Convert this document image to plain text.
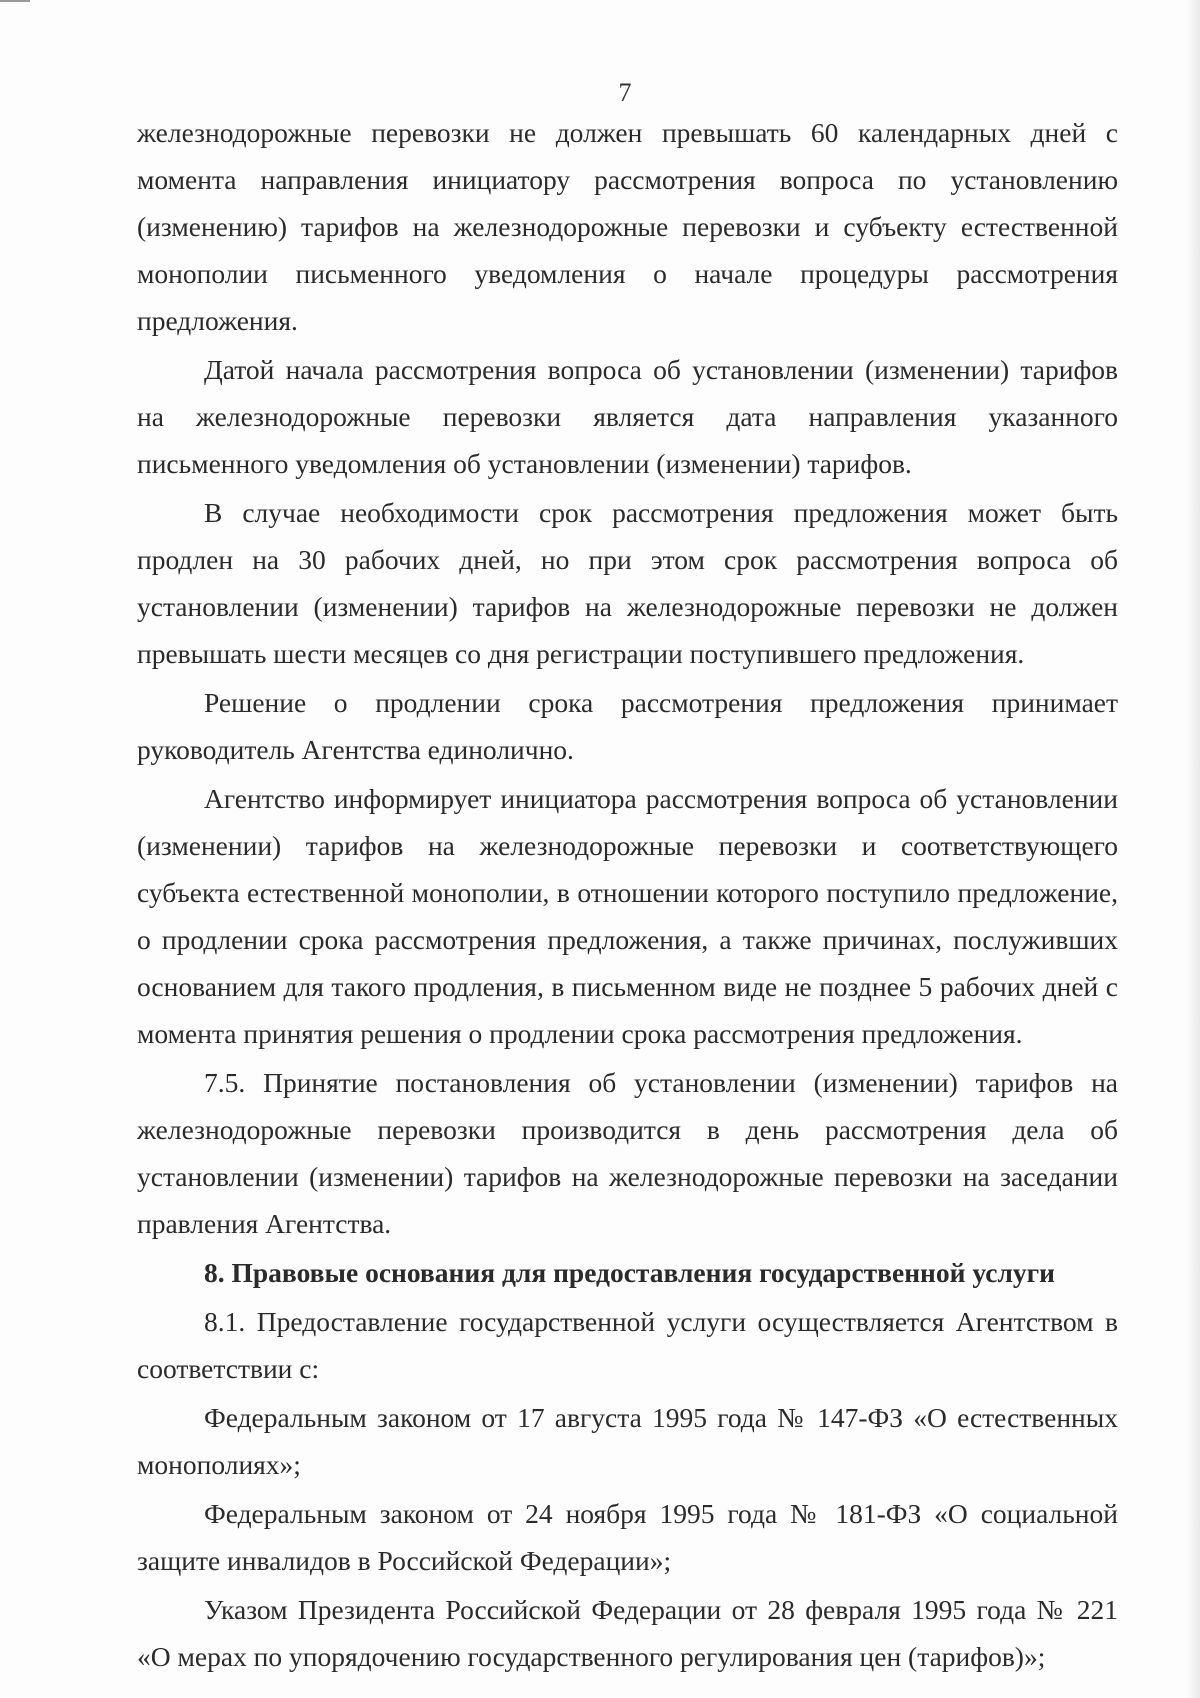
7

железнодорожные перевозки не должен превышать 60 календарных дней с момента направления инициатору рассмотрения вопроса по установлению (изменению) тарифов на железнодорожные перевозки и субъекту естественной монополии письменного уведомления о начале процедуры рассмотрения предложения.

Датой начала рассмотрения вопроса об установлении (изменении) тарифов на железнодорожные перевозки является дата направления указанного письменного уведомления об установлении (изменении) тарифов.

В случае необходимости срок рассмотрения предложения может быть продлен на 30 рабочих дней, но при этом срок рассмотрения вопроса об установлении (изменении) тарифов на железнодорожные перевозки не должен превышать шести месяцев со дня регистрации поступившего предложения.

Решение о продлении срока рассмотрения предложения принимает руководитель Агентства единолично.

Агентство информирует инициатора рассмотрения вопроса об установлении (изменении) тарифов на железнодорожные перевозки и соответствующего субъекта естественной монополии, в отношении которого поступило предложение, о продлении срока рассмотрения предложения, а также причинах, послуживших основанием для такого продления, в письменном виде не позднее 5 рабочих дней с момента принятия решения о продлении срока рассмотрения предложения.

7.5. Принятие постановления об установлении (изменении) тарифов на железнодорожные перевозки производится в день рассмотрения дела об установлении (изменении) тарифов на железнодорожные перевозки на заседании правления Агентства.

8. Правовые основания для предоставления государственной услуги

8.1. Предоставление государственной услуги осуществляется Агентством в соответствии с:

Федеральным законом от 17 августа 1995 года № 147-ФЗ «О естественных монополиях»;

Федеральным законом от 24 ноября 1995 года № 181-ФЗ «О социальной защите инвалидов в Российской Федерации»;

Указом Президента Российской Федерации от 28 февраля 1995 года № 221 «О мерах по упорядочению государственного регулирования цен (тарифов)»;
